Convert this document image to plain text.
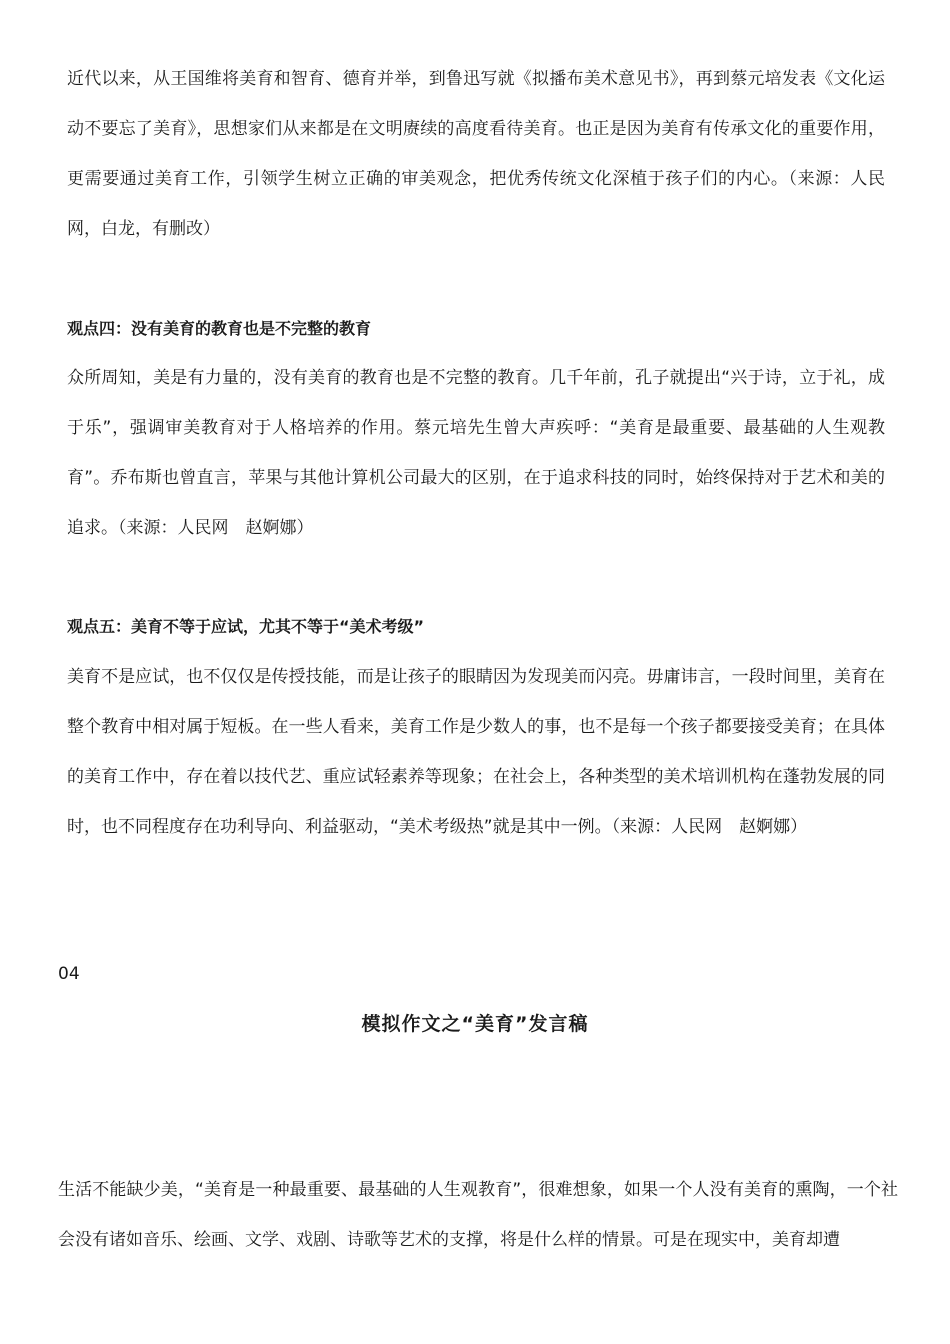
近代以来，从王国维将美育和智育、德育并举，到鲁迅写就《拟播布美术意见书》，再到蔡元培发表《文化运动不要忘了美育》，思想家们从来都是在文明赓续的高度看待美育。也正是因为美育有传承文化的重要作用，更需要通过美育工作，引领学生树立正确的审美观念，把优秀传统文化深植于孩子们的内心。（来源：人民网，白龙，有删改）

观点四：没有美育的教育也是不完整的教育

众所周知，美是有力量的，没有美育的教育也是不完整的教育。几千年前，孔子就提出“兴于诗，立于礼，成于乐”，强调审美教育对于人格培养的作用。蔡元培先生曾大声疾呼：“美育是最重要、最基础的人生观教育”。乔布斯也曾直言，苹果与其他计算机公司最大的区别，在于追求科技的同时，始终保持对于艺术和美的追求。（来源：人民网　赵婀娜）

观点五：美育不等于应试，尤其不等于“美术考级”

美育不是应试，也不仅仅是传授技能，而是让孩子的眼睛因为发现美而闪亮。毋庸讳言，一段时间里，美育在整个教育中相对属于短板。在一些人看来，美育工作是少数人的事，也不是每一个孩子都要接受美育；在具体的美育工作中，存在着以技代艺、重应试轻素养等现象；在社会上，各种类型的美术培训机构在蓬勃发展的同时，也不同程度存在功利导向、利益驱动，“美术考级热”就是其中一例。（来源：人民网　赵婀娜）

04

模拟作文之“美育”发言稿

生活不能缺少美，“美育是一种最重要、最基础的人生观教育”，很难想象，如果一个人没有美育的熏陶，一个社会没有诸如音乐、绘画、文学、戏剧、诗歌等艺术的支撑，将是什么样的情景。可是在现实中，美育却遭
